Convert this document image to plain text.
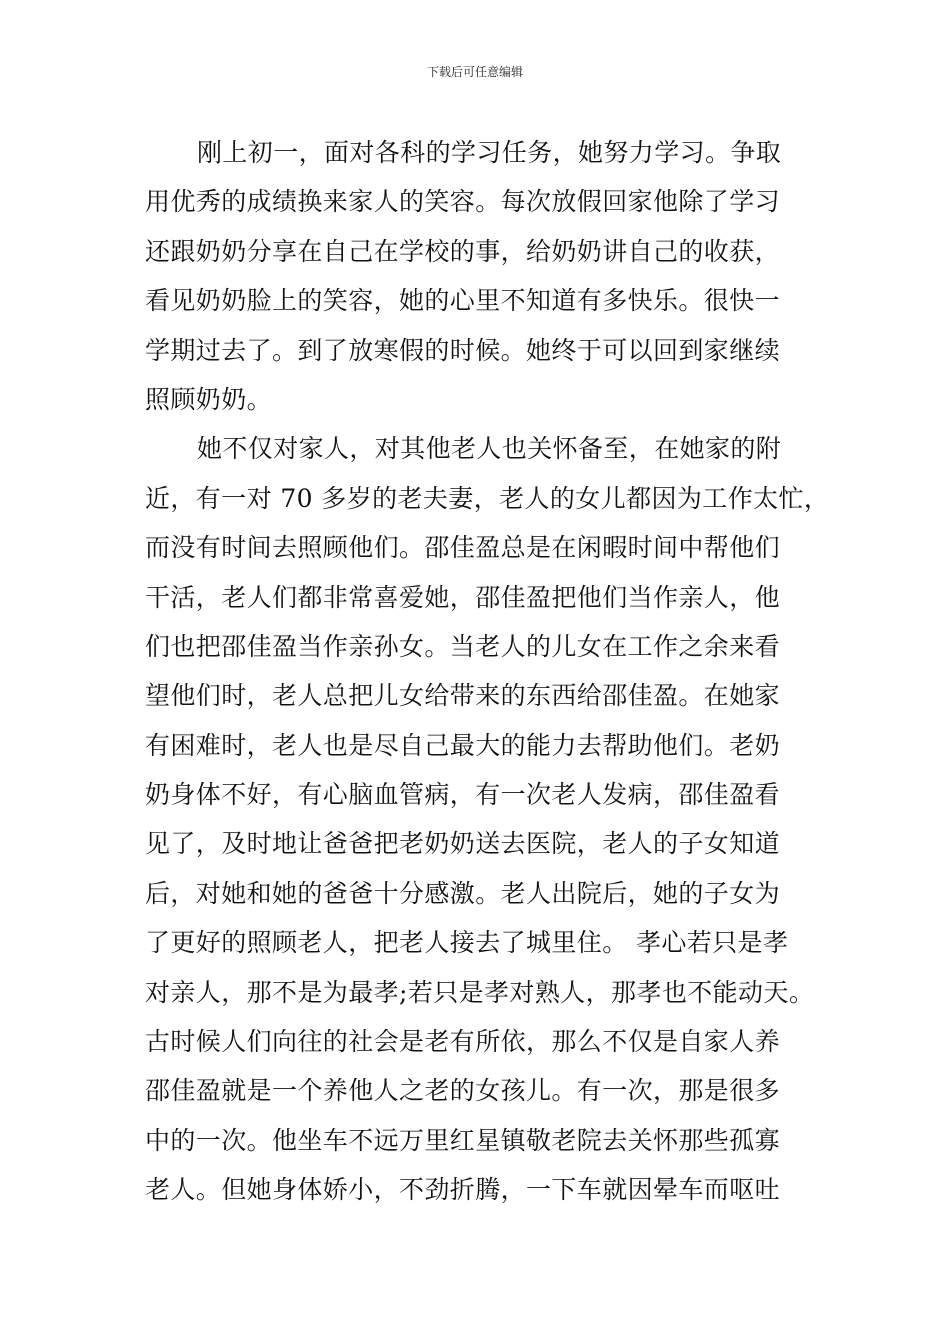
下载后可任意编辑
刚上初一，面对各科的学习任务，她努力学习。争取
用优秀的成绩换来家人的笑容。每次放假回家他除了学习
还跟奶奶分享在自己在学校的事，给奶奶讲自己的收获，
看见奶奶脸上的笑容，她的心里不知道有多快乐。很快一
学期过去了。到了放寒假的时候。她终于可以回到家继续
照顾奶奶。
她不仅对家人，对其他老人也关怀备至，在她家的附
近，有一对 70 多岁的老夫妻，老人的女儿都因为工作太忙，
而没有时间去照顾他们。邵佳盈总是在闲暇时间中帮他们
干活，老人们都非常喜爱她，邵佳盈把他们当作亲人，他
们也把邵佳盈当作亲孙女。当老人的儿女在工作之余来看
望他们时，老人总把儿女给带来的东西给邵佳盈。在她家
有困难时，老人也是尽自己最大的能力去帮助他们。老奶
奶身体不好，有心脑血管病，有一次老人发病，邵佳盈看
见了，及时地让爸爸把老奶奶送去医院，老人的子女知道
后，对她和她的爸爸十分感激。老人出院后，她的子女为
了更好的照顾老人，把老人接去了城里住。 孝心若只是孝
对亲人，那不是为最孝;若只是孝对熟人，那孝也不能动天。
古时候人们向往的社会是老有所依，那么不仅是自家人养
邵佳盈就是一个养他人之老的女孩儿。有一次，那是很多
中的一次。他坐车不远万里红星镇敬老院去关怀那些孤寡
老人。但她身体娇小，不劲折腾，一下车就因晕车而呕吐
